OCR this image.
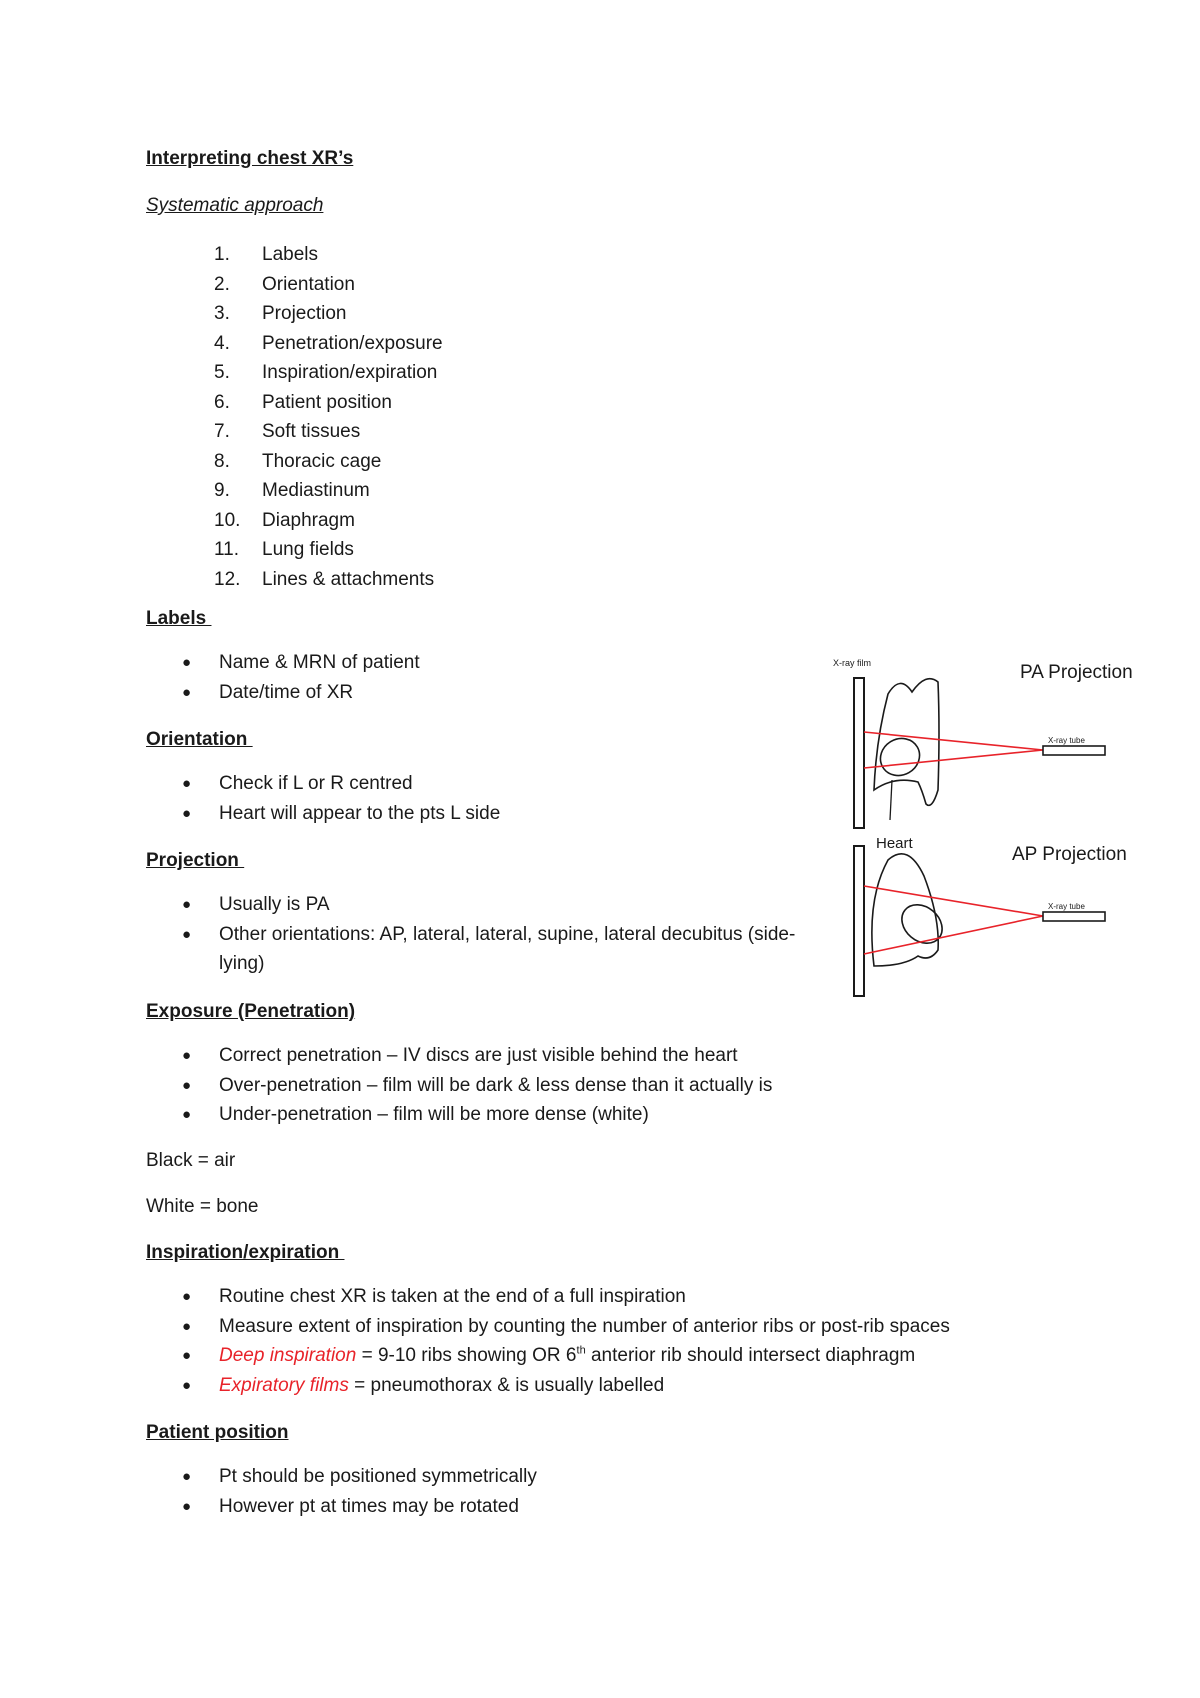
Interpreting chest XR’s
Systematic approach
1. Labels
2. Orientation
3. Projection
4. Penetration/exposure
5. Inspiration/expiration
6. Patient position
7. Soft tissues
8. Thoracic cage
9. Mediastinum
10. Diaphragm
11. Lung fields
12. Lines & attachments
Labels
● Name & MRN of patient
● Date/time of XR
Orientation
● Check if L or R centred
● Heart will appear to the pts L side
Projection
● Usually is PA
● Other orientations: AP, lateral, lateral, supine, lateral decubitus (side-lying)
Exposure (Penetration)
● Correct penetration – IV discs are just visible behind the heart
● Over-penetration – film will be dark & less dense than it actually is
● Under-penetration – film will be more dense (white)
Black = air
White = bone
Inspiration/expiration
● Routine chest XR is taken at the end of a full inspiration
● Measure extent of inspiration by counting the number of anterior ribs or post-rib spaces
● Deep inspiration = 9-10 ribs showing OR 6th anterior rib should intersect diaphragm
● Expiratory films = pneumothorax & is usually labelled
Patient position
● Pt should be positioned symmetrically
● However pt at times may be rotated
X-ray film	PA Projection
X-ray tube
Heart
AP Projection
X-ray tube
